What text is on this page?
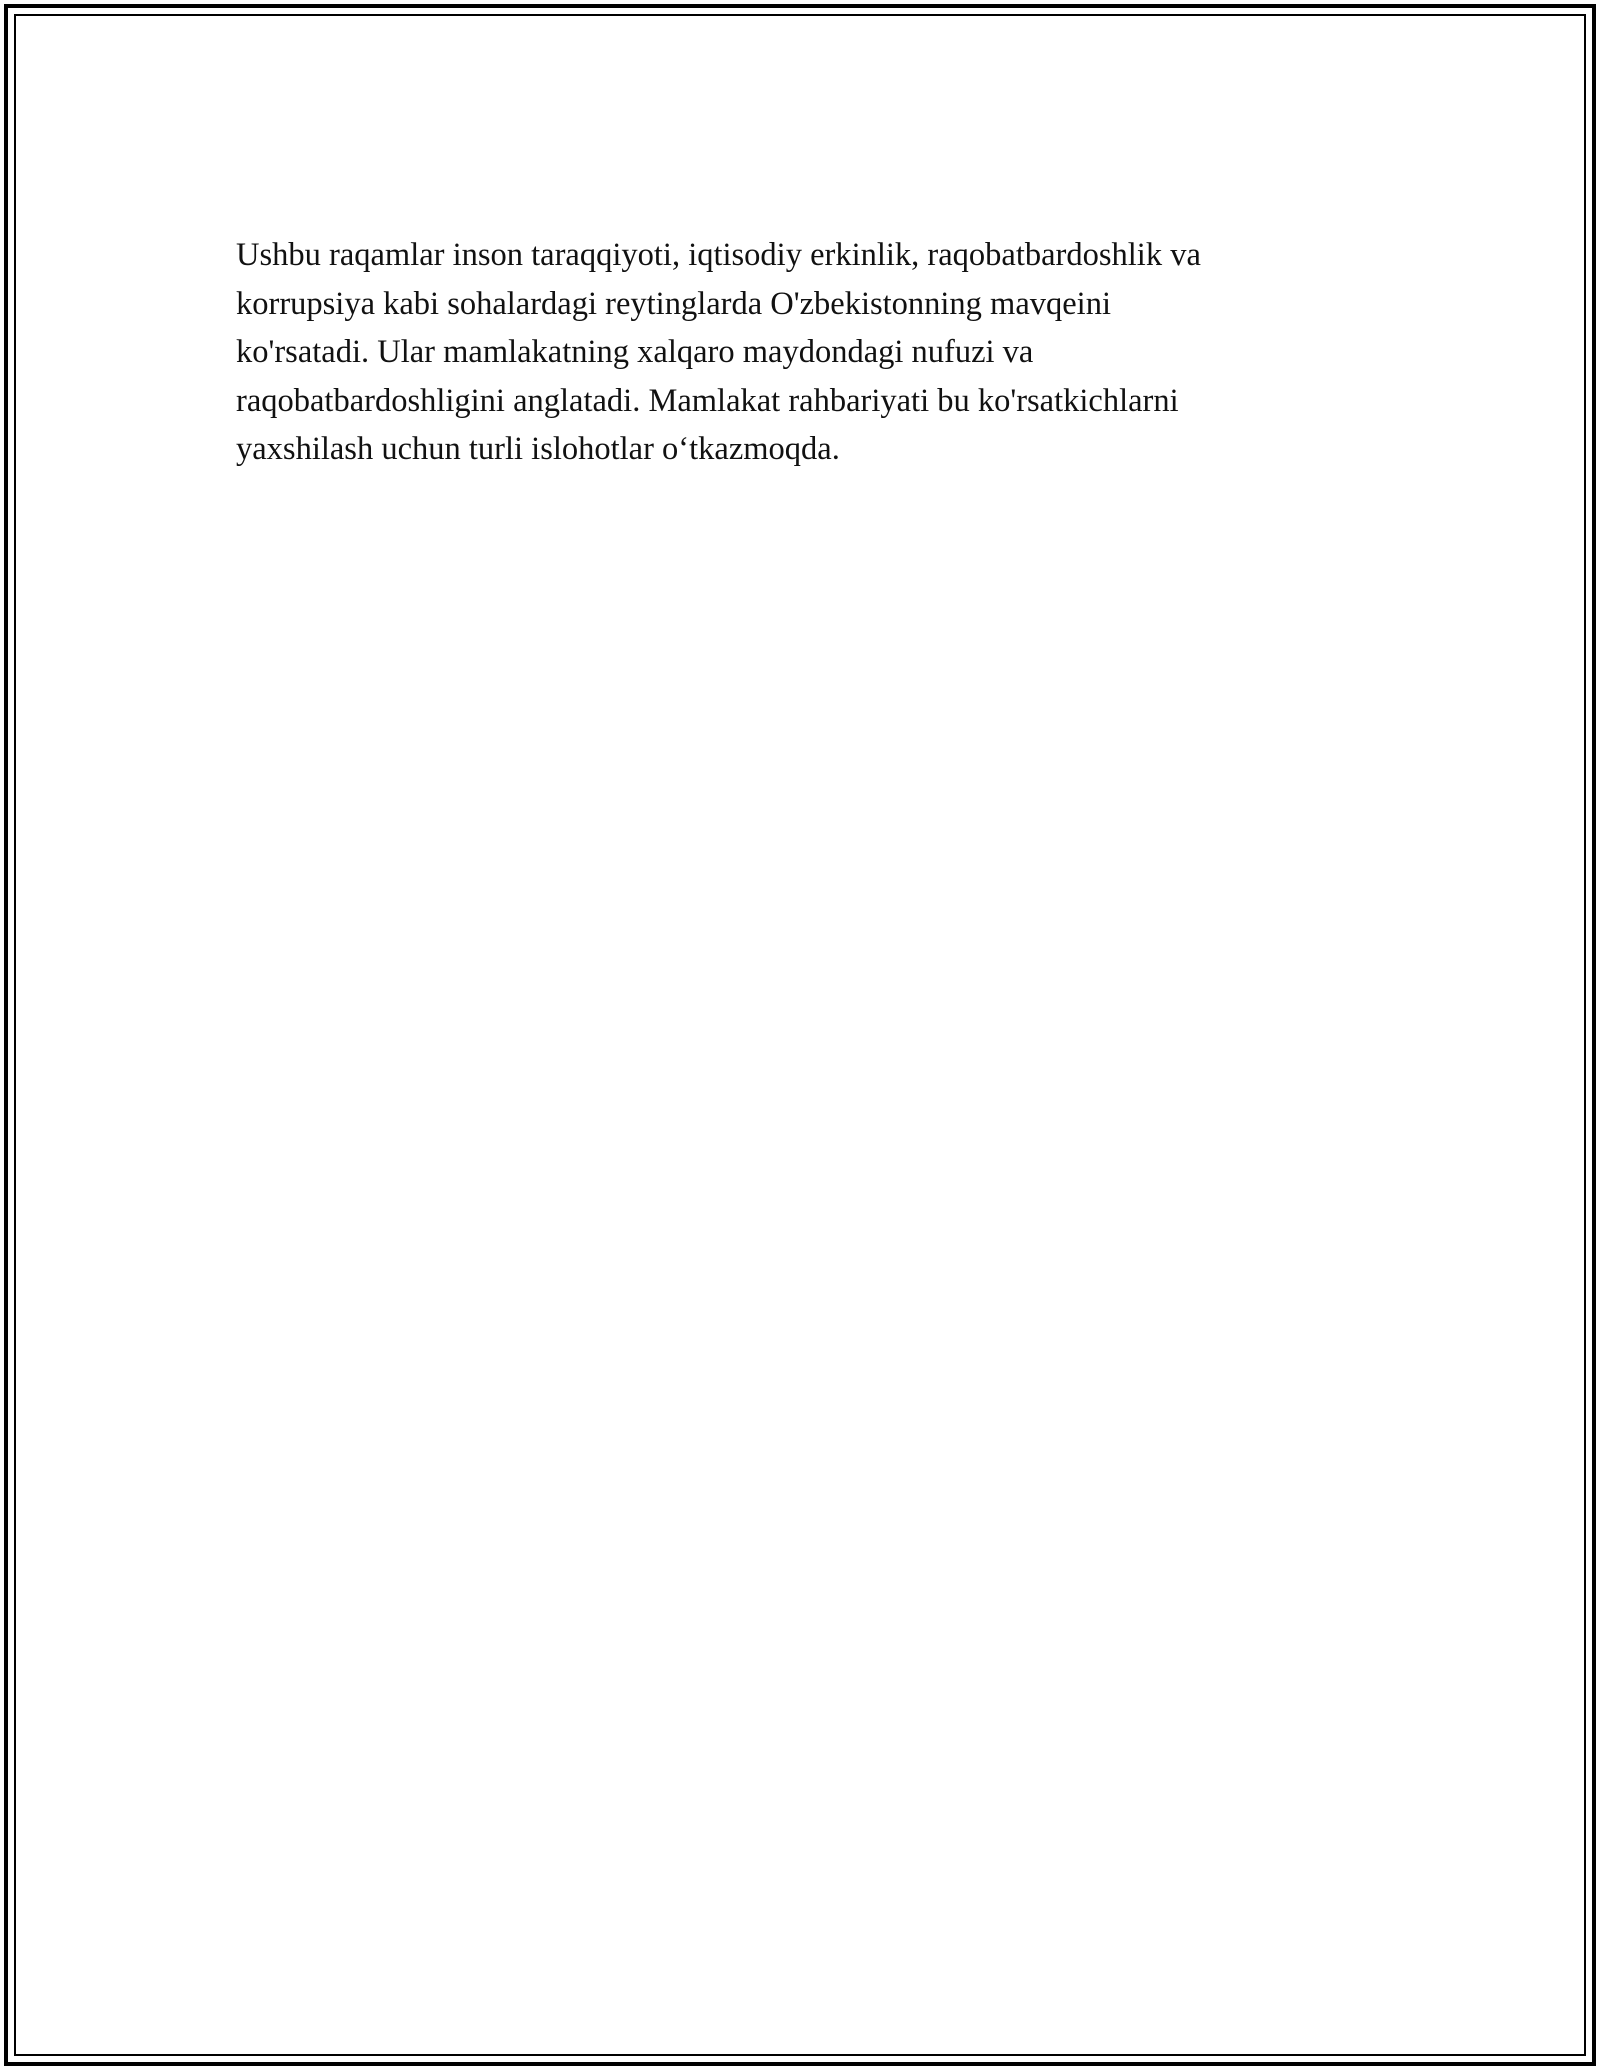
Ushbu raqamlar inson taraqqiyoti, iqtisodiy erkinlik, raqobatbardoshlik va
korrupsiya kabi sohalardagi reytinglarda O'zbekistonning mavqeini
ko'rsatadi. Ular mamlakatning xalqaro maydondagi nufuzi va
raqobatbardoshligini anglatadi. Mamlakat rahbariyati bu ko'rsatkichlarni
yaxshilash uchun turli islohotlar o‘tkazmoqda.
